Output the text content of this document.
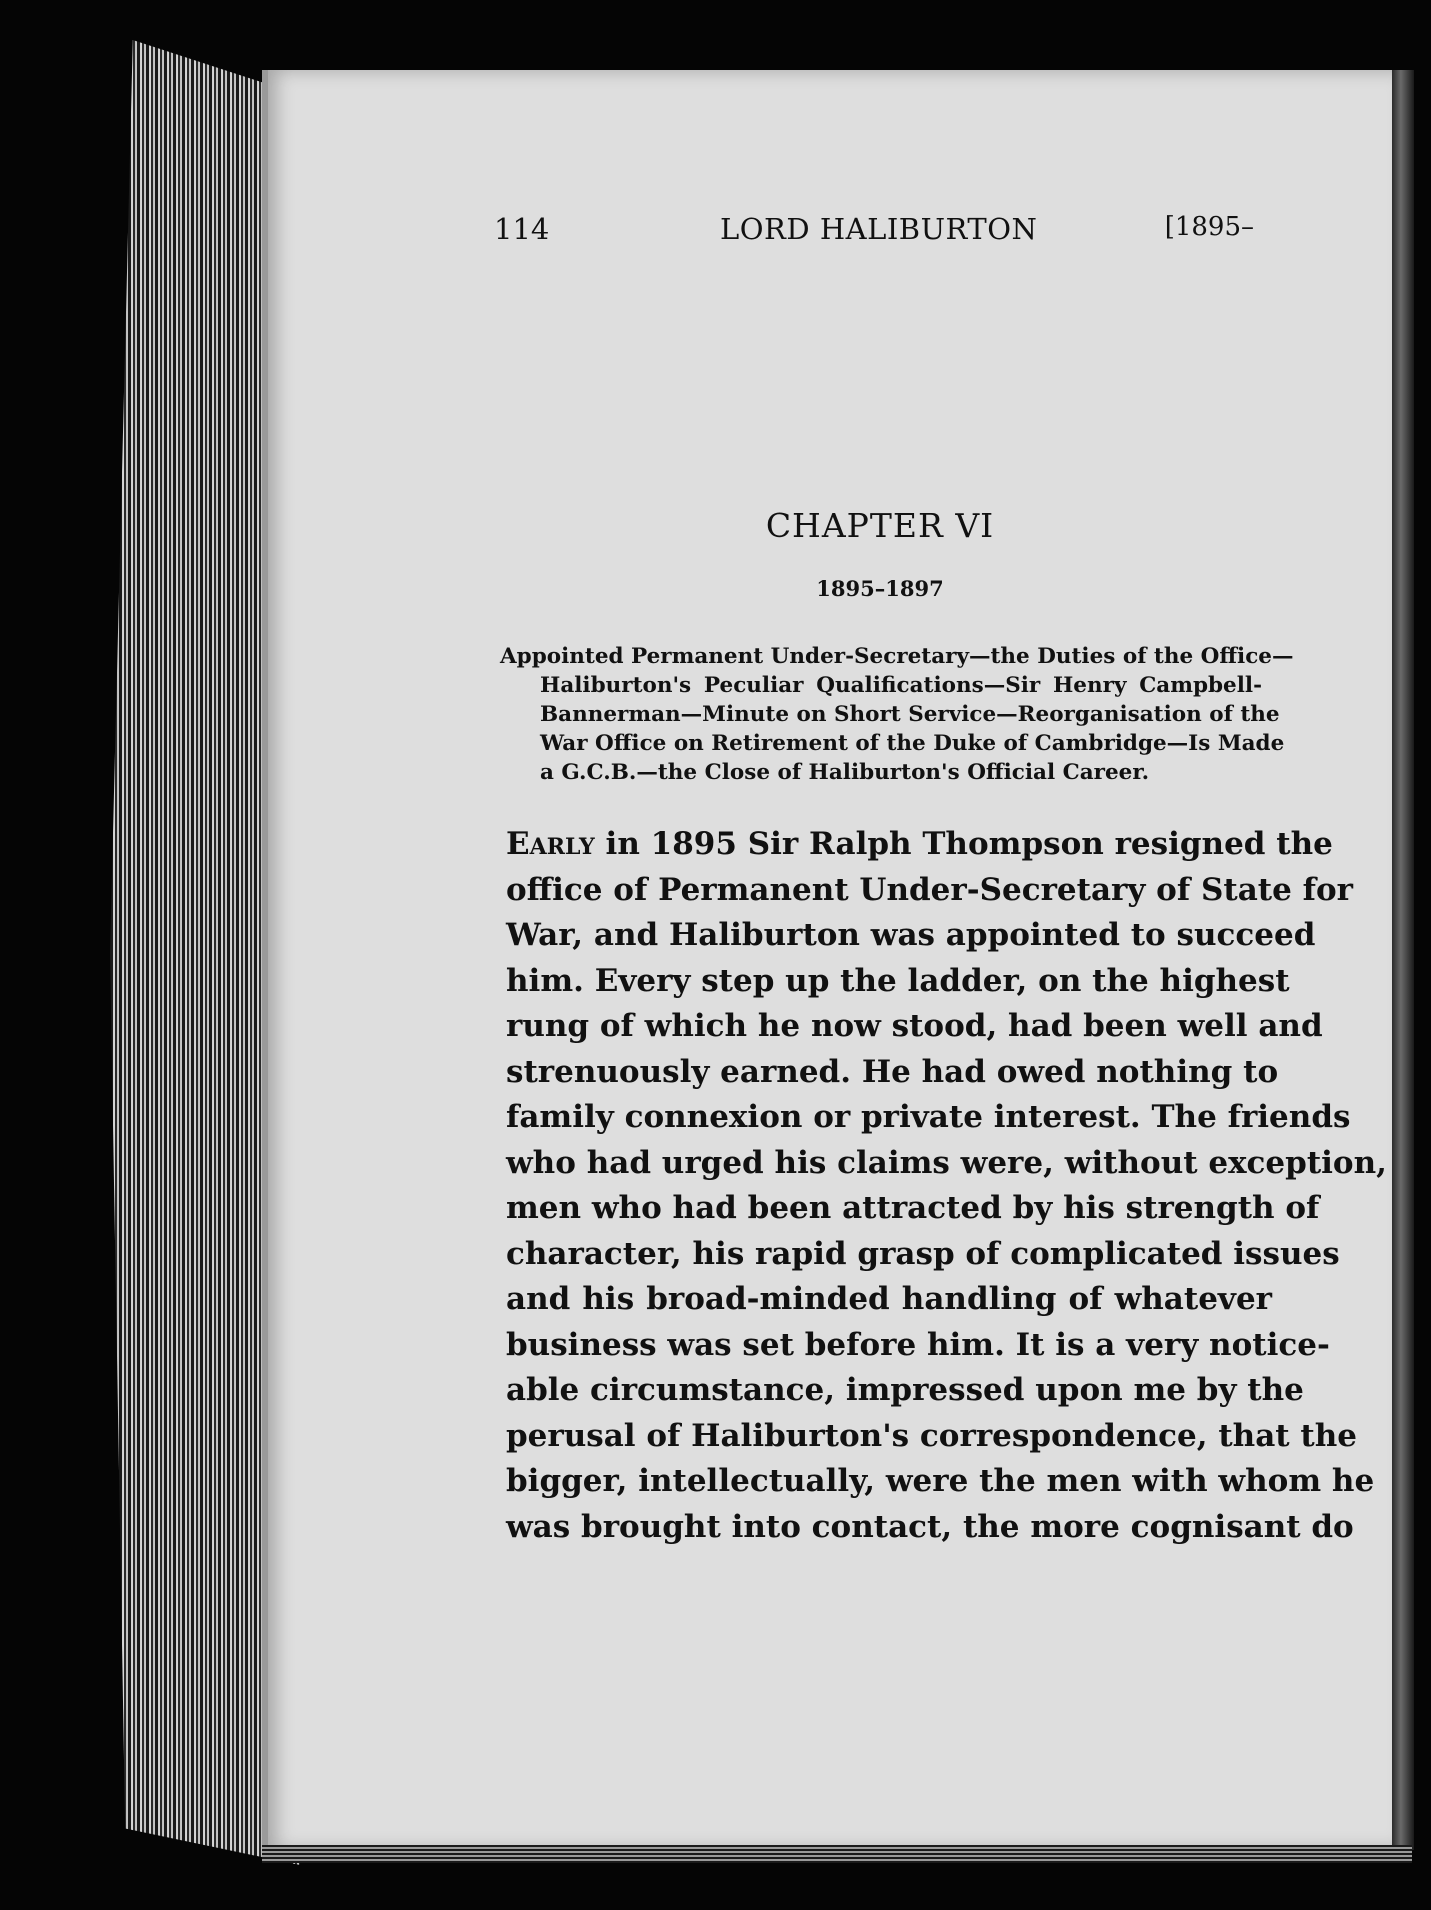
114	LORD HALIBURTON	[1895–
CHAPTER VI
1895–1897
Appointed Permanent Under-Secretary—the Duties of the Office—
Haliburton's Peculiar Qualifications—Sir Henry Campbell-
Bannerman—Minute on Short Service—Reorganisation of the
War Office on Retirement of the Duke of Cambridge—Is Made
a G.C.B.—the Close of Haliburton's Official Career.
Early in 1895 Sir Ralph Thompson resigned the
office of Permanent Under-Secretary of State for
War, and Haliburton was appointed to succeed
him. Every step up the ladder, on the highest
rung of which he now stood, had been well and
strenuously earned. He had owed nothing to
family connexion or private interest. The friends
who had urged his claims were, without exception,
men who had been attracted by his strength of
character, his rapid grasp of complicated issues
and his broad-minded handling of whatever
business was set before him. It is a very notice-
able circumstance, impressed upon me by the
perusal of Haliburton's correspondence, that the
bigger, intellectually, were the men with whom he
was brought into contact, the more cognisant do
